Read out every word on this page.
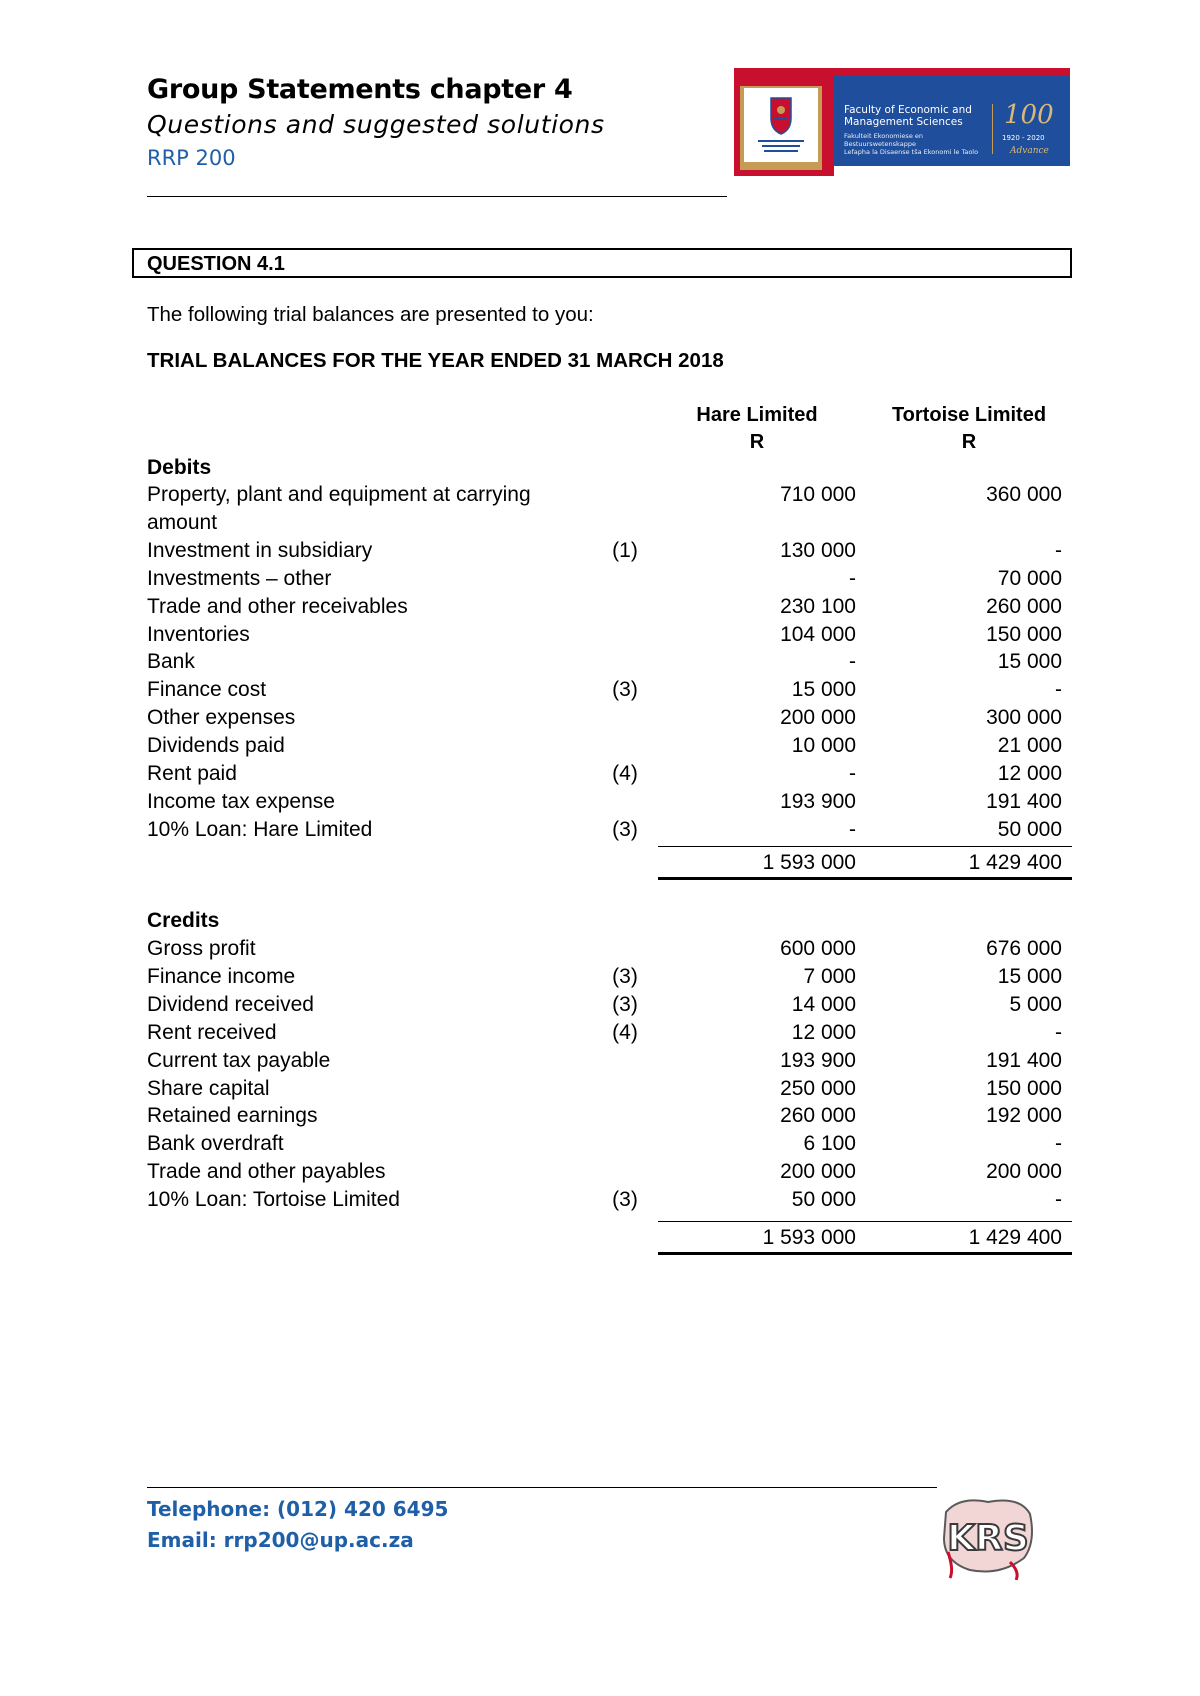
Group Statements chapter 4
Questions and suggested solutions
RRP 200
Faculty of Economic and Management Sciences
Fakulteit Ekonomiese en Bestuurswetenskappe
Lefapha la Disaense tša Ekonomi le Taolo
100
1920 - 2020
Advance
QUESTION 4.1
The following trial balances are presented to you:
TRIAL BALANCES FOR THE YEAR ENDED 31 MARCH 2018
Hare Limited
R
Tortoise Limited
R
Debits
Property, plant and equipment at carrying	710 000	360 000
amount
Investment in subsidiary	(1)	130 000	-
Investments – other	-	70 000
Trade and other receivables	230 100	260 000
Inventories	104 000	150 000
Bank	-	15 000
Finance cost	(3)	15 000	-
Other expenses	200 000	300 000
Dividends paid	10 000	21 000
Rent paid	(4)	-	12 000
Income tax expense	193 900	191 400
10% Loan: Hare Limited	(3)	-	50 000
1 593 000	1 429 400
Credits
Gross profit	600 000	676 000
Finance income	(3)	7 000	15 000
Dividend received	(3)	14 000	5 000
Rent received	(4)	12 000	-
Current tax payable	193 900	191 400
Share capital	250 000	150 000
Retained earnings	260 000	192 000
Bank overdraft	6 100	-
Trade and other payables	200 000	200 000
10% Loan: Tortoise Limited	(3)	50 000	-
1 593 000	1 429 400
Telephone: (012) 420 6495
Email: rrp200@up.ac.za	KRS
